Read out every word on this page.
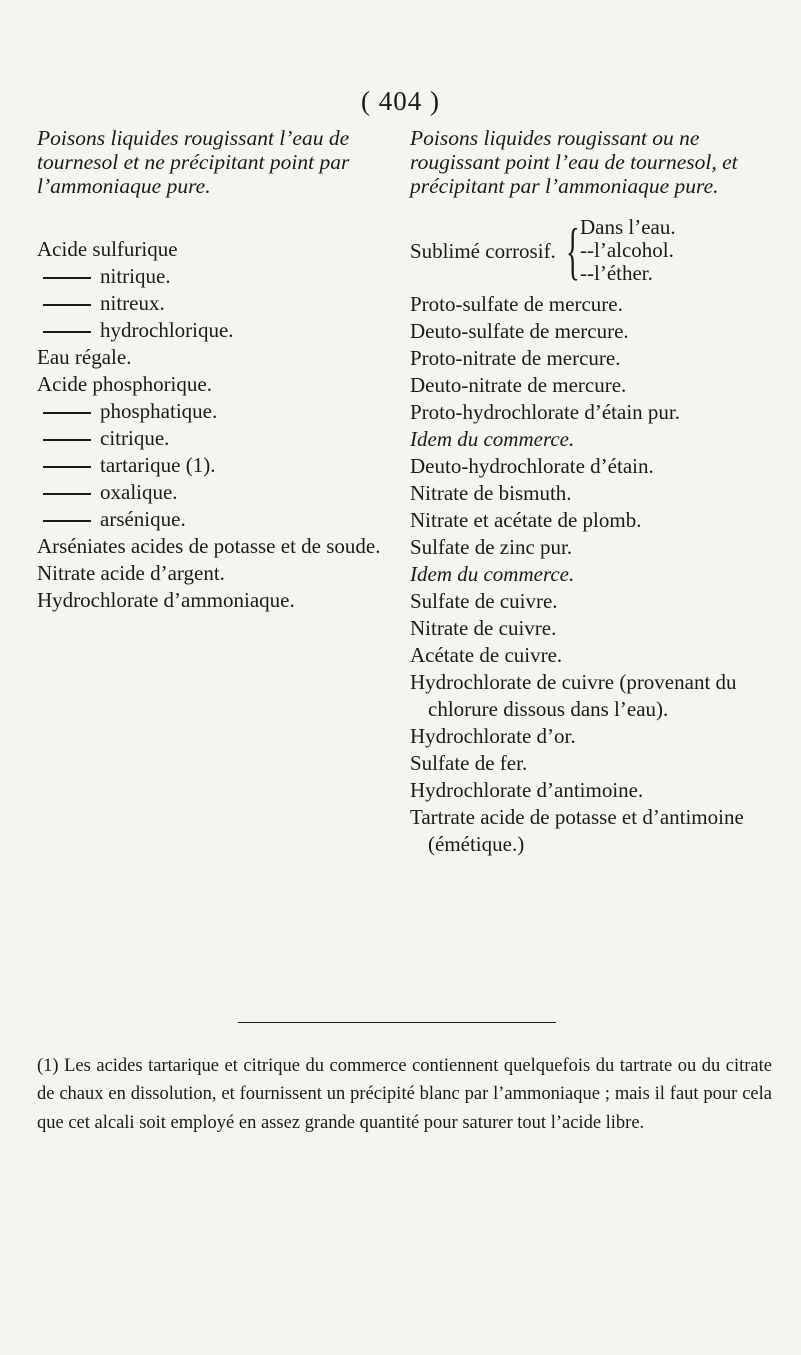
( 404 )

Poisons liquides rougissant l’eau de tournesol et ne précipitant point par l’ammoniaque pure.

Acide sulfurique
nitrique.
nitreux.
hydrochlorique.
Eau régale.
Acide phosphorique.
phosphatique.
citrique.
tartarique (1).
oxalique.
arsénique.
Arséniates acides de potasse et de soude.
Nitrate acide d’argent.
Hydrochlorate d’ammoniaque.

Poisons liquides rougissant ou ne rougissant point l’eau de tournesol, et précipitant par l’ammoniaque pure.

Sublimé corrosif. { Dans l’eau.
--l’alcohol.
--l’éther.
Proto-sulfate de mercure.
Deuto-sulfate de mercure.
Proto-nitrate de mercure.
Deuto-nitrate de mercure.
Proto-hydrochlorate d’étain pur.
Idem du commerce.
Deuto-hydrochlorate d’étain.
Nitrate de bismuth.
Nitrate et acétate de plomb.
Sulfate de zinc pur.
Idem du commerce.
Sulfate de cuivre.
Nitrate de cuivre.
Acétate de cuivre.
Hydrochlorate de cuivre (provenant du chlorure dissous dans l’eau).
Hydrochlorate d’or.
Sulfate de fer.
Hydrochlorate d’antimoine.
Tartrate acide de potasse et d’antimoine (émétique.)

(1) Les acides tartarique et citrique du commerce contiennent quelquefois du tartrate ou du citrate de chaux en dissolution, et fournissent un précipité blanc par l’ammoniaque ; mais il faut pour cela que cet alcali soit employé en assez grande quantité pour saturer tout l’acide libre.
